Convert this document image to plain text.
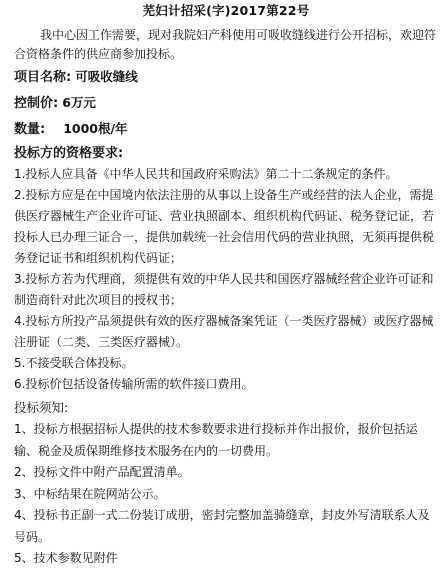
芜妇计招采(字)2017第22号
我中心因工作需要，现对我院妇产科使用可吸收缝线进行公开招标，欢迎符合资格条件的供应商参加投标。
项目名称: 可吸收缝线
控制价: 6万元
数量: 1000根/年
投标方的资格要求:

1.投标人应具备《中华人民共和国政府采购法》第二十二条规定的条件。

2.投标方应是在中国境内依法注册的从事以上设备生产或经营的法人企业，需提供医疗器械生产企业许可证、营业执照副本、组织机构代码证、税务登记证，若投标人已办理三证合一，提供加载统一社会信用代码的营业执照，无须再提供税务登记证书和组织机构代码证；

3.投标方若为代理商，须提供有效的中华人民共和国医疗器械经营企业许可证和制造商针对此次项目的授权书；

4.投标方所投产品须提供有效的医疗器械备案凭证（一类医疗器械）或医疗器械注册证（二类、三类医疗器械）。

5.不接受联合体投标。

6.投标价包括设备传输所需的软件接口费用。

投标须知:

1、投标方根据招标人提供的技术参数要求进行投标并作出报价，报价包括运输、税金及质保期维修技术服务在内的一切费用。

2、投标文件中附产品配置清单。

3、中标结果在院网站公示。

4、投标书正副一式二份装订成册，密封完整加盖骑缝章，封皮外写清联系人及号码。

5、技术参数见附件
